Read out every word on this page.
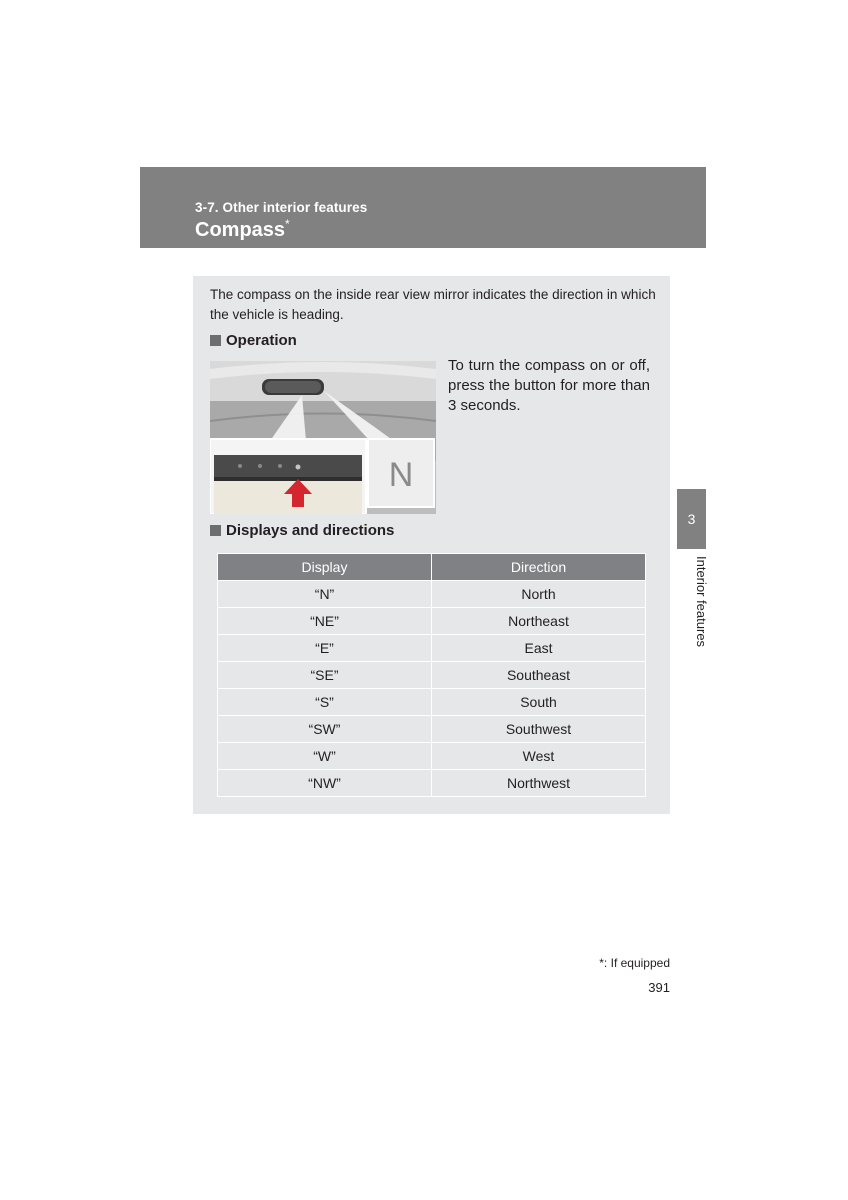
3-7. Other interior features
Compass*
The compass on the inside rear view mirror indicates the direction in which the vehicle is heading.
Operation
N
To turn the compass on or off, press the button for more than 3 seconds.
Displays and directions
Display	Direction
“N”	North
“NE”	Northeast
“E”	East
“SE”	Southeast
“S”	South
“SW”	Southwest
“W”	West
“NW”	Northwest
3
Interior features
*: If equipped
391
